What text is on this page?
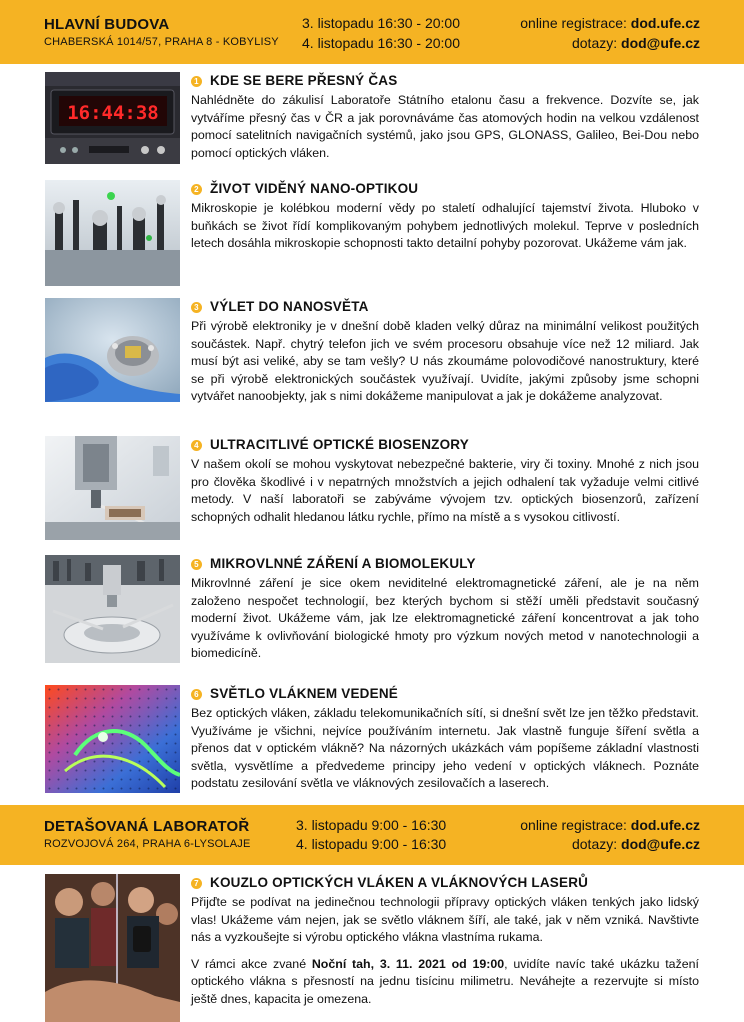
HLAVNÍ BUDOVA
CHABERSKÁ 1014/57, PRAHA 8 - KOBYLISY
3. listopadu 16:30 - 20:00
4. listopadu 16:30 - 20:00
online registrace: dod.ufe.cz
dotazy: dod@ufe.cz
16:44:38
1 KDE SE BERE PŘESNÝ ČAS

Nahlédněte do zákulisí Laboratoře Státního etalonu času a frekvence. Dozvíte se, jak vytváříme přesný čas v ČR a jak porovnáváme čas atomových hodin na velkou vzdálenost pomocí satelitních navigačních systémů, jako jsou GPS, GLONASS, Galileo, Bei-Dou nebo pomocí optických vláken.

2 ŽIVOT VIDĚNÝ NANO-OPTIKOU

Mikroskopie je kolébkou moderní vědy po staletí odhalující tajemství života. Hluboko v buňkách se život řídí komplikovaným pohybem jednotlivých molekul. Teprve v posledních letech dosáhla mikroskopie schopnosti takto detailní pohyby pozorovat. Ukážeme vám jak.

3 VÝLET DO NANOSVĚTA

Při výrobě elektroniky je v dnešní době kladen velký důraz na minimální velikost použitých součástek. Např. chytrý telefon jich ve svém procesoru obsahuje více než 12 miliard. Jak musí být asi veliké, aby se tam vešly? U nás zkoumáme polovodičové nanostruktury, které se při výrobě elektronických součástek využívají. Uvidíte, jakými způsoby jsme schopni vytvářet nanoobjekty, jak s nimi dokážeme manipulovat a jak je dokážeme analyzovat.

4 ULTRACITLIVÉ OPTICKÉ BIOSENZORY

V našem okolí se mohou vyskytovat nebezpečné bakterie, viry či toxiny. Mnohé z nich jsou pro člověka škodlivé i v nepatrných množstvích a jejich odhalení tak vyžaduje velmi citlivé metody. V naší laboratoři se zabýváme vývojem tzv. optických biosenzorů, zařízení schopných odhalit hledanou látku rychle, přímo na místě a s vysokou citlivostí.

5 MIKROVLNNÉ ZÁŘENÍ A BIOMOLEKULY

Mikrovlnné záření je sice okem neviditelné elektromagnetické záření, ale je na něm založeno nespočet technologií, bez kterých bychom si stěží uměli představit současný moderní život. Ukážeme vám, jak lze elektromagnetické záření koncentrovat a jak toho využíváme k ovlivňování biologické hmoty pro výzkum nových metod v nanotechnologii a biomedicíně.

6 SVĚTLO VLÁKNEM VEDENÉ

Bez optických vláken, základu telekomunikačních sítí, si dnešní svět lze jen těžko představit. Využíváme je všichni, nejvíce používáním internetu. Jak vlastně funguje šíření světla a přenos dat v optickém vlákně? Na názorných ukázkách vám popíšeme základní vlastnosti světla, vysvětlíme a předvedeme principy jeho vedení v optických vláknech. Poznáte podstatu zesilování světla ve vláknových zesilovačích a laserech.

DETAŠOVANÁ LABORATOŘ
ROZVOJOVÁ 264, PRAHA 6-LYSOLAJE
3. listopadu 9:00 - 16:30
4. listopadu 9:00 - 16:30
online registrace: dod.ufe.cz
dotazy: dod@ufe.cz
7 KOUZLO OPTICKÝCH VLÁKEN A VLÁKNOVÝCH LASERŮ

Přijďte se podívat na jedinečnou technologii přípravy optických vláken tenkých jako lidský vlas! Ukážeme vám nejen, jak se světlo vláknem šíří, ale také, jak v něm vzniká. Navštivte nás a vyzkoušejte si výrobu optického vlákna vlastníma rukama.

V rámci akce zvané Noční tah, 3. 11. 2021 od 19:00, uvidíte navíc také ukázku tažení optického vlákna s přesností na jednu tisícinu milimetru. Neváhejte a rezervujte si místo ještě dnes, kapacita je omezena.
